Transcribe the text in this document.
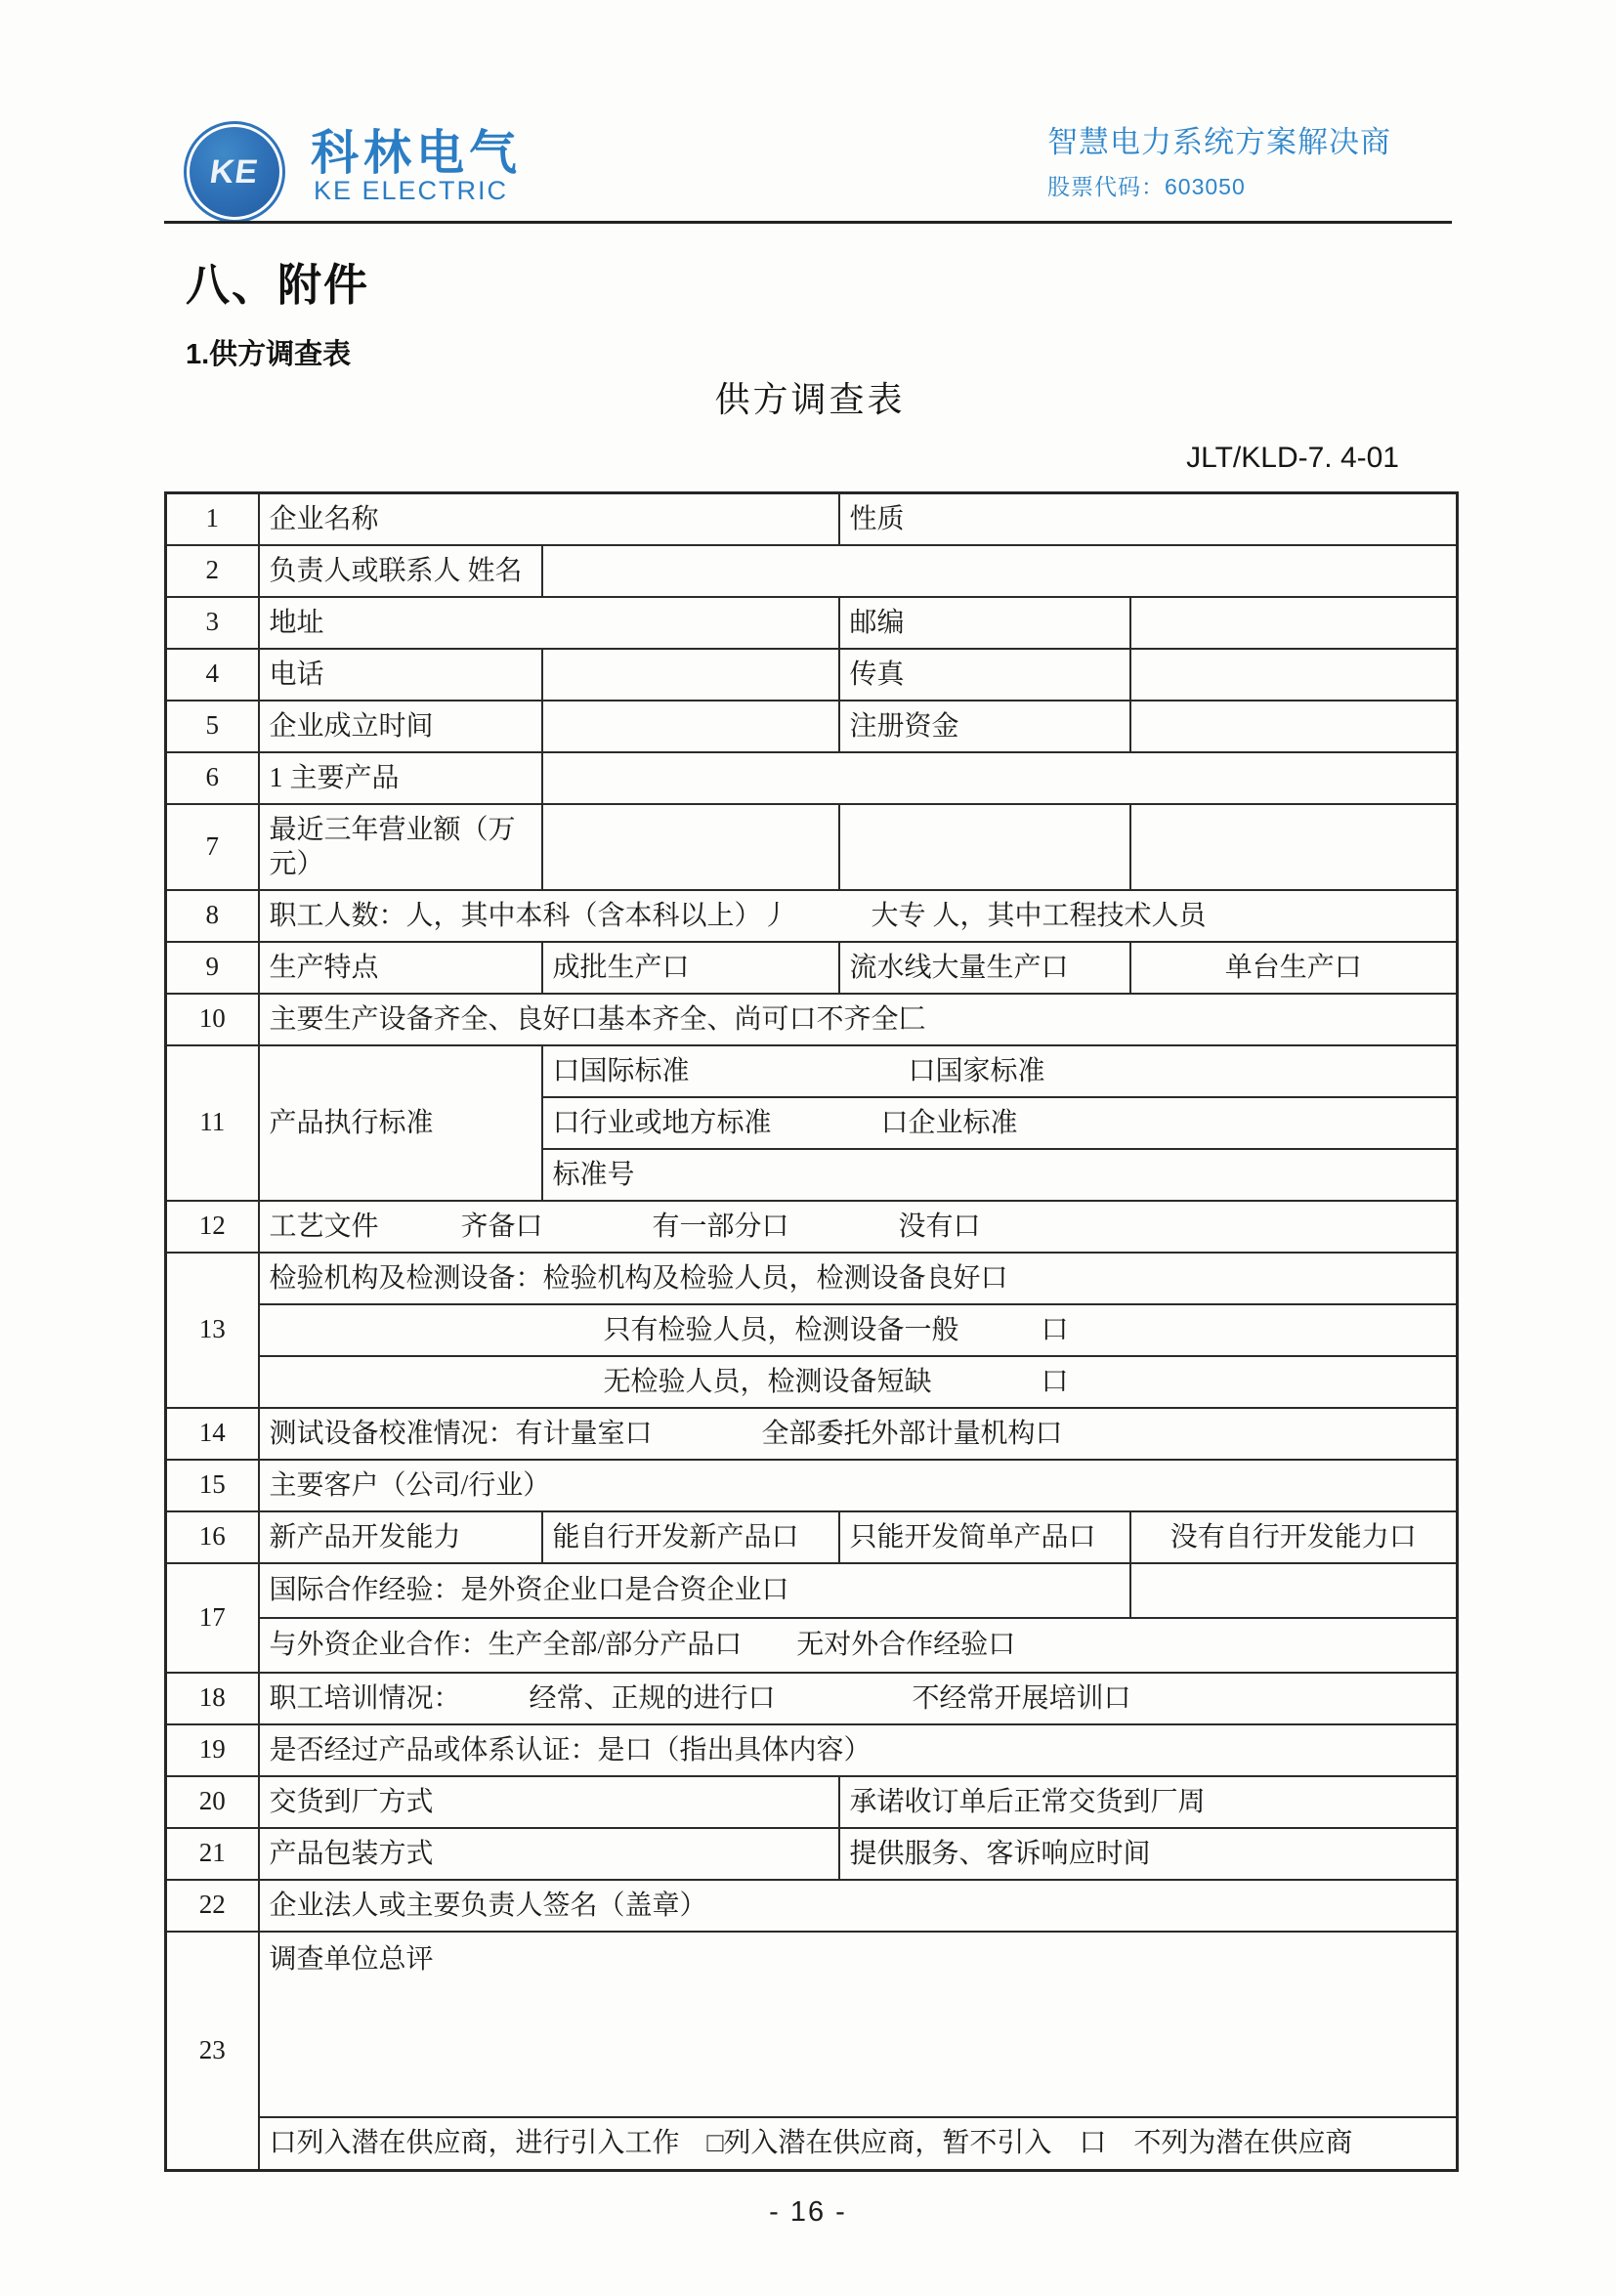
KE 科林电气
KE ELECTRIC
智慧电力系统方案解决商
股票代码：603050
八、附件
1.供方调查表
供方调查表
JLT/KLD-7. 4-01
1	企业名称		性质	
2	负责人或联系人 姓名			
3	地址		邮编	
4	电话		传真	
5	企业成立时间		注册资金	
6	1 主要产品			
7	最近三年营业额（万元）			
8	职工人数：人，其中本科（含本科以上）丿　　　大专 人，其中工程技术人员			
9	生产特点	成批生产口	流水线大量生产口	单台生产口
10	主要生产设备齐全、良好口基本齐全、尚可口不齐全匚			
11	产品执行标准	口国际标准　　　　　　　　口国家标准		
		口行业或地方标准　　　　口企业标准		
		标准号		
12	工艺文件　　　齐备口　　　　有一部分口　　　　没有口			
13	检验机构及检测设备：检验机构及检验人员，检测设备良好口			
	只有检验人员，检测设备一般　　　口			
	无检验人员，检测设备短缺　　　　口			
14	测试设备校准情况：有计量室口　　　　全部委托外部计量机构口			
15	主要客户（公司/行业）			
16	新产品开发能力	能自行开发新产品口	只能开发简单产品口	没有自行开发能力口
17	国际合作经验：是外资企业口是合资企业口			
	与外资企业合作：生产全部/部分产品口　　无对外合作经验口			
18	职工培训情况：　　　经常、正规的进行口　　　　　不经常开展培训口			
19	是否经过产品或体系认证：是口（指出具体内容）			
20	交货到厂方式		承诺收订单后正常交货到厂周	
21	产品包装方式		提供服务、客诉响应时间	
22	企业法人或主要负责人签名（盖章）			
23	调查单位总评			
	口列入潜在供应商，进行引入工作　□列入潜在供应商，暂不引入　口　不列为潜在供应商			
- 16 -
